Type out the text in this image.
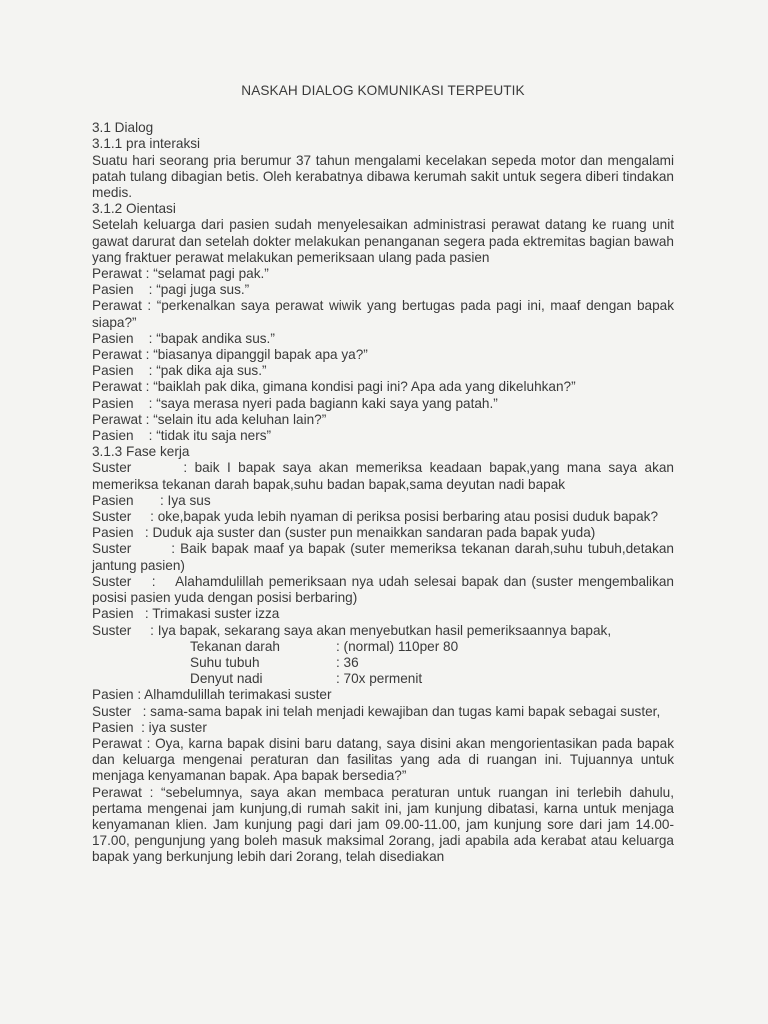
NASKAH DIALOG KOMUNIKASI TERPEUTIK
3.1 Dialog
3.1.1 pra interaksi
Suatu hari seorang pria berumur 37 tahun mengalami kecelakan sepeda motor dan mengalami patah tulang dibagian betis. Oleh kerabatnya dibawa kerumah sakit untuk segera diberi tindakan medis.
3.1.2 Oientasi
Setelah keluarga dari pasien sudah menyelesaikan administrasi perawat datang ke ruang unit gawat darurat dan setelah dokter melakukan penanganan segera pada ektremitas bagian bawah yang fraktuer perawat melakukan pemeriksaan ulang pada pasien
Perawat : “selamat pagi pak.”
Pasien    : “pagi juga sus.”
Perawat : “perkenalkan saya perawat wiwik yang bertugas pada pagi ini, maaf dengan bapak siapa?”
Pasien    : “bapak andika sus.”
Perawat : “biasanya dipanggil bapak apa ya?”
Pasien    : “pak dika aja sus.”
Perawat : “baiklah pak dika, gimana kondisi pagi ini? Apa ada yang dikeluhkan?”
Pasien    : “saya merasa nyeri pada bagiann kaki saya yang patah.”
Perawat : “selain itu ada keluhan lain?”
Pasien    : “tidak itu saja ners”
3.1.3 Fase kerja
Suster       : baik I bapak saya akan memeriksa keadaan bapak,yang mana saya akan memeriksa tekanan darah bapak,suhu badan bapak,sama deyutan nadi bapak
Pasien       : Iya sus
Suster     : oke,bapak yuda lebih nyaman di periksa posisi berbaring atau posisi duduk bapak?
Pasien   : Duduk aja suster dan (suster pun menaikkan sandaran pada bapak yuda)
Suster        : Baik bapak maaf ya bapak (suter memeriksa tekanan darah,suhu tubuh,detakan jantung pasien)
Suster    :    Alahamdulillah pemeriksaan nya udah selesai bapak dan (suster mengembalikan posisi pasien yuda dengan posisi berbaring)
Pasien   : Trimakasi suster izza
Suster     : Iya bapak, sekarang saya akan menyebutkan hasil pemeriksaannya bapak,
Tekanan darah	: (normal) 110per 80
Suhu tubuh	: 36
Denyut nadi	: 70x permenit
Pasien : Alhamdulillah terimakasi suster
Suster   : sama-sama bapak ini telah menjadi kewajiban dan tugas kami bapak sebagai suster,
Pasien  : iya suster
Perawat : Oya, karna bapak disini baru datang, saya disini akan mengorientasikan pada bapak dan keluarga mengenai peraturan dan fasilitas yang ada di ruangan ini. Tujuannya untuk menjaga kenyamanan bapak. Apa bapak bersedia?”
Perawat : “sebelumnya, saya akan membaca peraturan untuk ruangan ini terlebih dahulu, pertama mengenai jam kunjung,di rumah sakit ini, jam kunjung dibatasi, karna untuk menjaga kenyamanan klien. Jam kunjung pagi dari jam 09.00-11.00, jam kunjung sore dari jam 14.00-17.00, pengunjung yang boleh masuk maksimal 2orang, jadi apabila ada kerabat atau keluarga bapak yang berkunjung lebih dari 2orang, telah disediakan
